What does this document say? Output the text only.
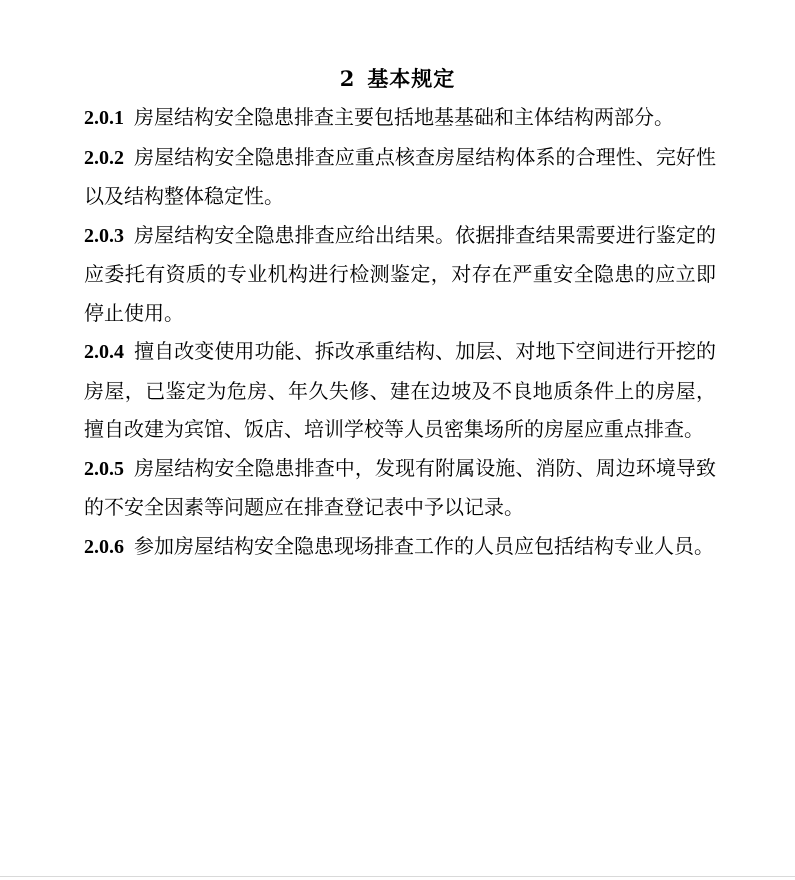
2 基本规定

2.0.1 房屋结构安全隐患排查主要包括地基基础和主体结构两部分。

2.0.2 房屋结构安全隐患排查应重点核查房屋结构体系的合理性、完好性以及结构整体稳定性。

2.0.3 房屋结构安全隐患排查应给出结果。依据排查结果需要进行鉴定的应委托有资质的专业机构进行检测鉴定，对存在严重安全隐患的应立即停止使用。

2.0.4 擅自改变使用功能、拆改承重结构、加层、对地下空间进行开挖的房屋，已鉴定为危房、年久失修、建在边坡及不良地质条件上的房屋，擅自改建为宾馆、饭店、培训学校等人员密集场所的房屋应重点排查。

2.0.5 房屋结构安全隐患排查中，发现有附属设施、消防、周边环境导致的不安全因素等问题应在排查登记表中予以记录。

2.0.6 参加房屋结构安全隐患现场排查工作的人员应包括结构专业人员。
